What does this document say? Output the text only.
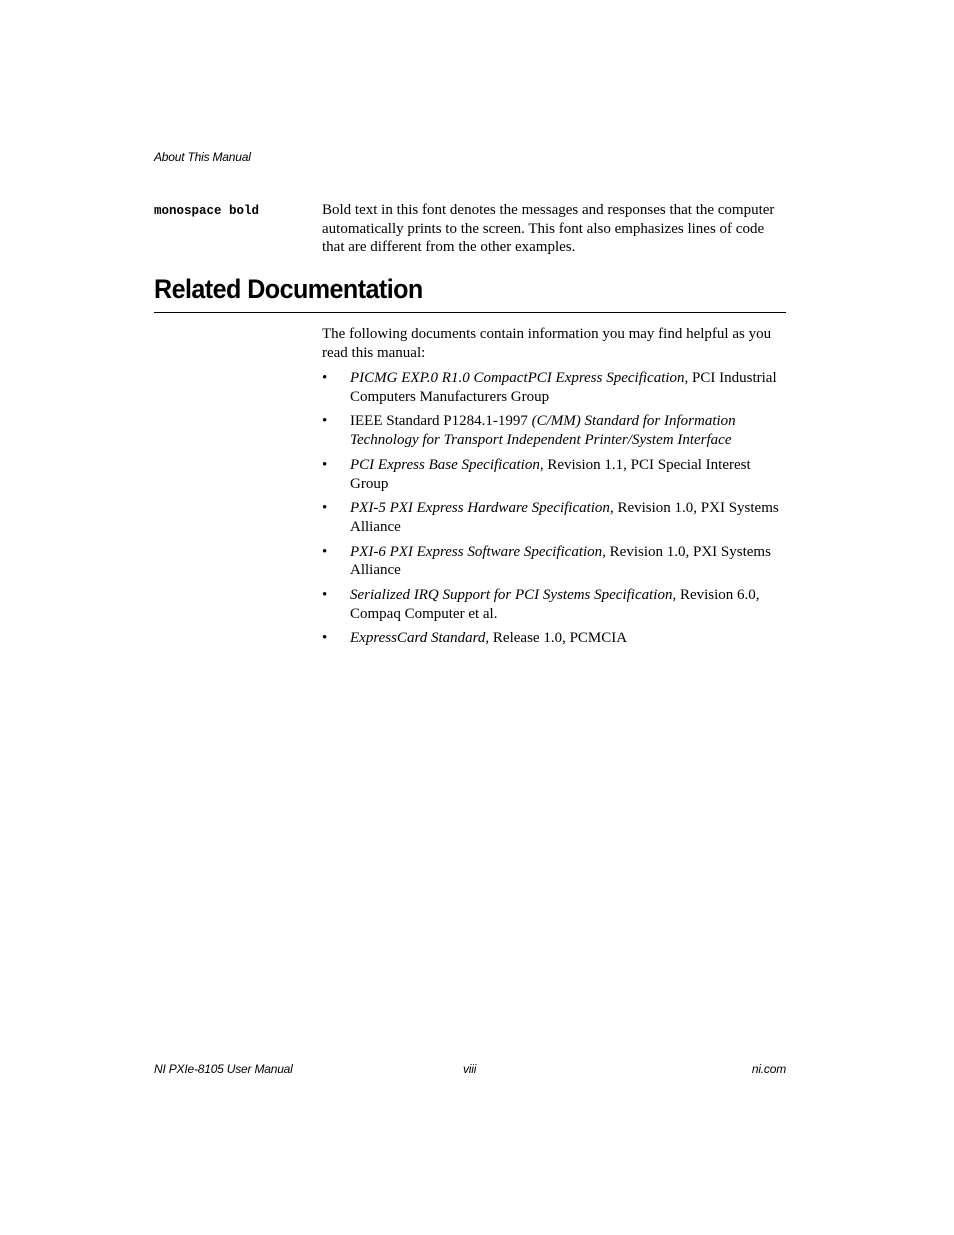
About This Manual
monospace bold	Bold text in this font denotes the messages and responses that the computer automatically prints to the screen. This font also emphasizes lines of code that are different from the other examples.
Related Documentation
The following documents contain information you may find helpful as you read this manual:
• PICMG EXP.0 R1.0 CompactPCI Express Specification, PCI Industrial Computers Manufacturers Group
• IEEE Standard P1284.1-1997 (C/MM) Standard for Information Technology for Transport Independent Printer/System Interface
• PCI Express Base Specification, Revision 1.1, PCI Special Interest Group
• PXI-5 PXI Express Hardware Specification, Revision 1.0, PXI Systems Alliance
• PXI-6 PXI Express Software Specification, Revision 1.0, PXI Systems Alliance
• Serialized IRQ Support for PCI Systems Specification, Revision 6.0, Compaq Computer et al.
• ExpressCard Standard, Release 1.0, PCMCIA
NI PXIe-8105 User Manual	viii	ni.com
